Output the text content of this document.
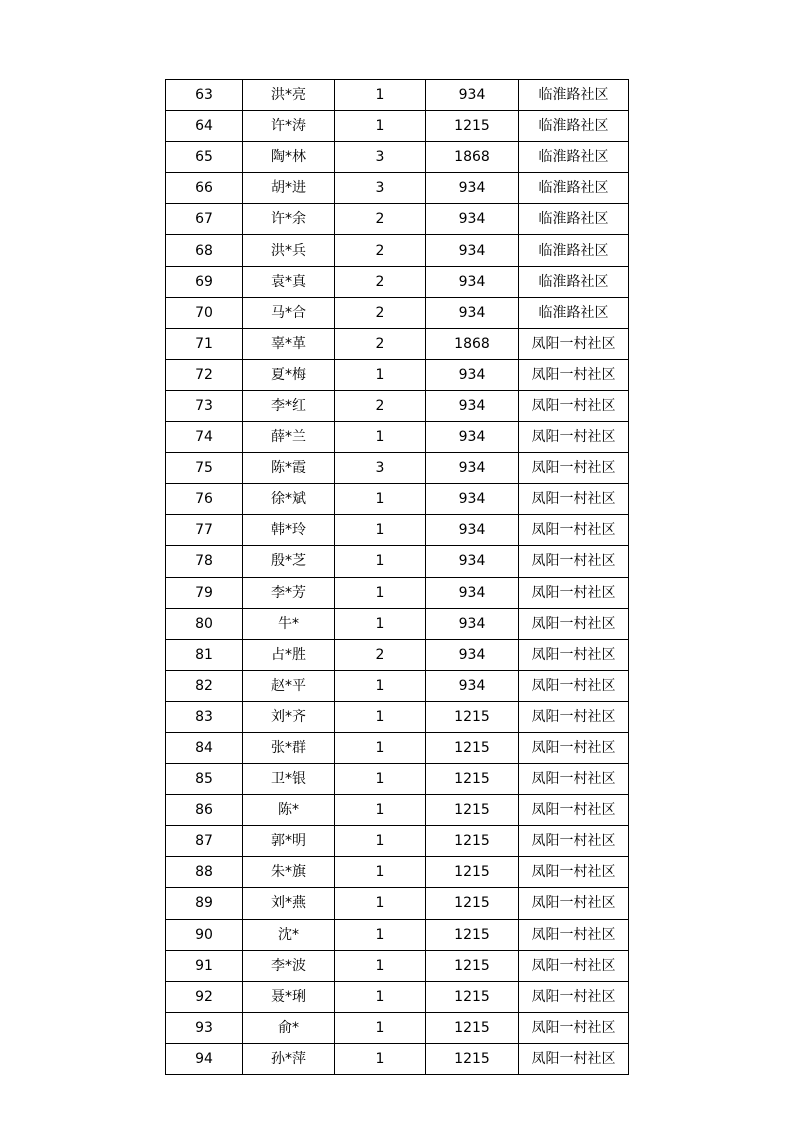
63	洪*亮	1	934	临淮路社区
64	许*涛	1	1215	临淮路社区
65	陶*林	3	1868	临淮路社区
66	胡*进	3	934	临淮路社区
67	许*余	2	934	临淮路社区
68	洪*兵	2	934	临淮路社区
69	袁*真	2	934	临淮路社区
70	马*合	2	934	临淮路社区
71	辜*革	2	1868	凤阳一村社区
72	夏*梅	1	934	凤阳一村社区
73	李*红	2	934	凤阳一村社区
74	薛*兰	1	934	凤阳一村社区
75	陈*霞	3	934	凤阳一村社区
76	徐*斌	1	934	凤阳一村社区
77	韩*玲	1	934	凤阳一村社区
78	殷*芝	1	934	凤阳一村社区
79	李*芳	1	934	凤阳一村社区
80	牛*	1	934	凤阳一村社区
81	占*胜	2	934	凤阳一村社区
82	赵*平	1	934	凤阳一村社区
83	刘*齐	1	1215	凤阳一村社区
84	张*群	1	1215	凤阳一村社区
85	卫*银	1	1215	凤阳一村社区
86	陈*	1	1215	凤阳一村社区
87	郭*明	1	1215	凤阳一村社区
88	朱*旗	1	1215	凤阳一村社区
89	刘*燕	1	1215	凤阳一村社区
90	沈*	1	1215	凤阳一村社区
91	李*波	1	1215	凤阳一村社区
92	聂*琍	1	1215	凤阳一村社区
93	俞*	1	1215	凤阳一村社区
94	孙*萍	1	1215	凤阳一村社区
